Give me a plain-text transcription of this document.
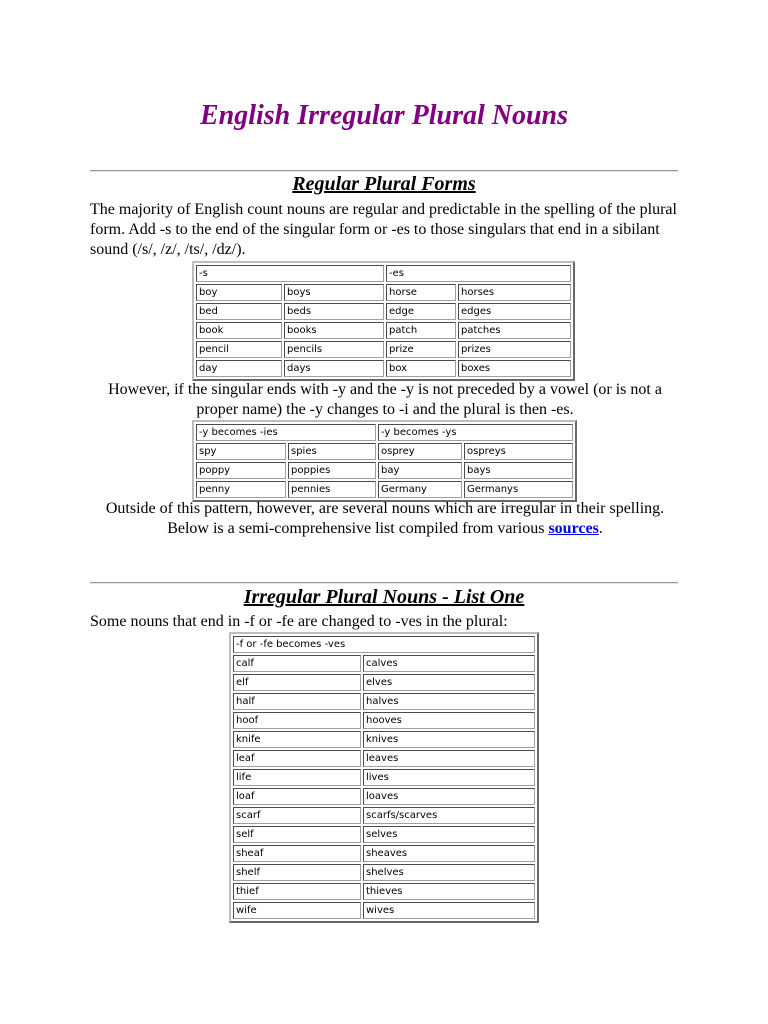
English Irregular Plural Nouns
Regular Plural Forms

The majority of English count nouns are regular and predictable in the spelling of the plural form. Add -s to the end of the singular form or -es to those singulars that end in a sibilant sound (/s/, /z/, /ts/, /dz/).

-s		-es	
boy	boys	horse	horses
bed	beds	edge	edges
book	books	patch	patches
pencil	pencils	prize	prizes
day	days	box	boxes

However, if the singular ends with -y and the -y is not preceded by a vowel (or is not a proper name) the -y changes to -i and the plural is then -es.

-y becomes -ies		-y becomes -ys	
spy	spies	osprey	ospreys
poppy	poppies	bay	bays
penny	pennies	Germany	Germanys

Outside of this pattern, however, are several nouns which are irregular in their spelling. Below is a semi-comprehensive list compiled from various sources.

Irregular Plural Nouns - List One

Some nouns that end in -f or -fe are changed to -ves in the plural:

-f or -fe becomes -ves	
calf	calves
elf	elves
half	halves
hoof	hooves
knife	knives
leaf	leaves
life	lives
loaf	loaves
scarf	scarfs/scarves
self	selves
sheaf	sheaves
shelf	shelves
thief	thieves
wife	wives
